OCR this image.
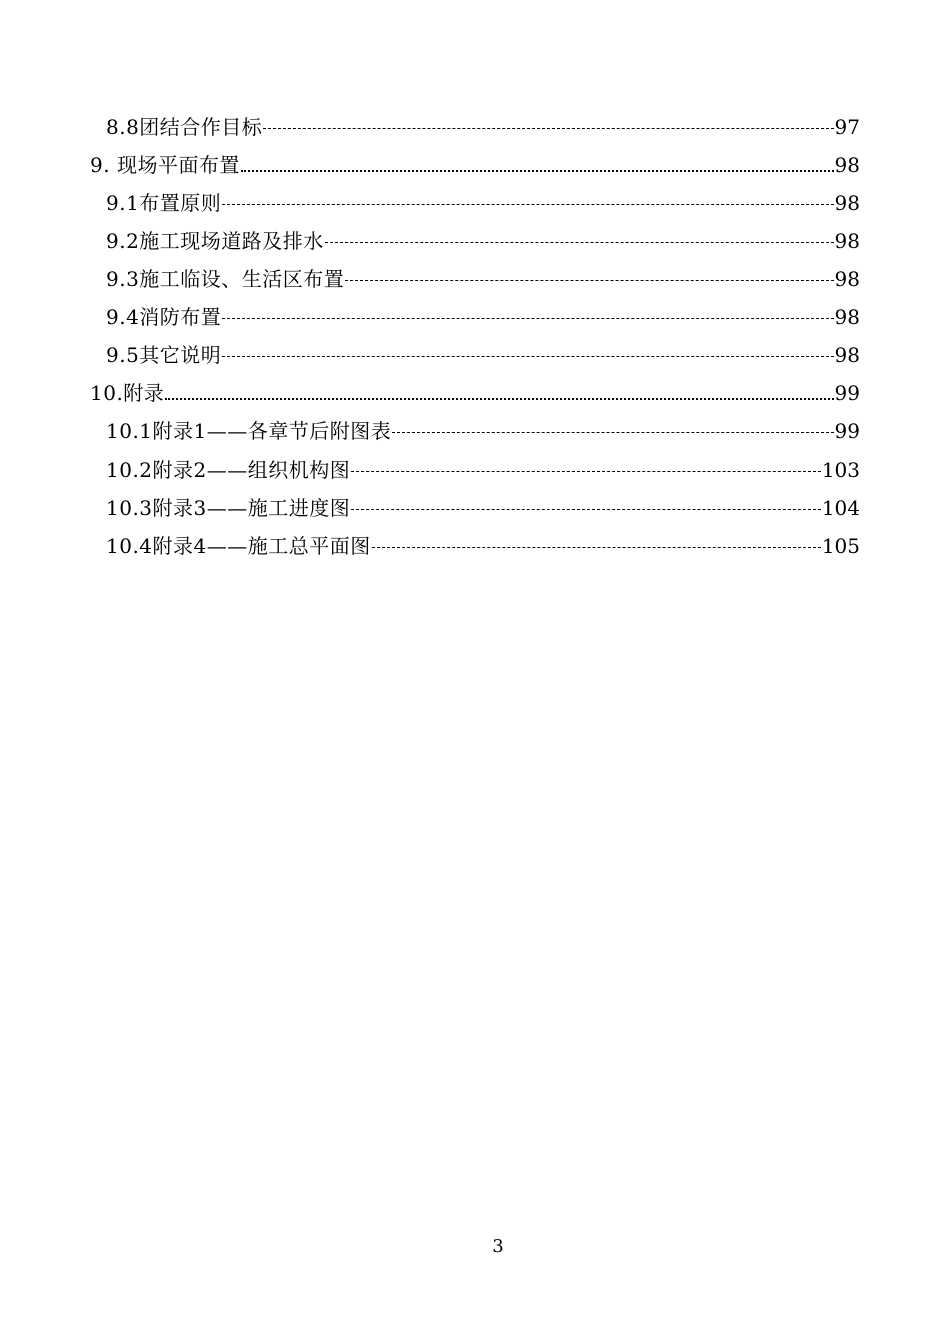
8.8团结合作目标	97
9. 现场平面布置	98
9.1布置原则	98
9.2施工现场道路及排水	98
9.3施工临设、生活区布置	98
9.4消防布置	98
9.5其它说明	98
10.附录	99
10.1附录1——各章节后附图表	99
10.2附录2——组织机构图	103
10.3附录3——施工进度图	104
10.4附录4——施工总平面图	105
3
